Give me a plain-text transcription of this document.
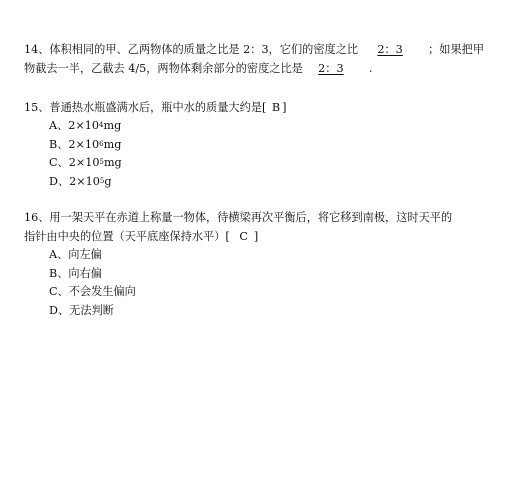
14、体积相同的甲、乙两物体的质量之比是 2：3，它们的密度之比 2：3 ；如果把甲
物截去一半，乙截去 4/5，两物体剩余部分的密度之比是 2：3 .
15、普通热水瓶盛满水后，瓶中水的质量大约是[ B ]
A、$2\times 10^4mg$
B、$2\times 10^6mg$
C、$2\times 10^5mg$
D、$2\times 10^5g$
16、用一架天平在赤道上称量一物体，待横梁再次平衡后，将它移到南极，这时天平的
指针由中央的位置（天平底座保持水平）[ C ]
A、向左偏
B、向右偏
C、不会发生偏向
D、无法判断
